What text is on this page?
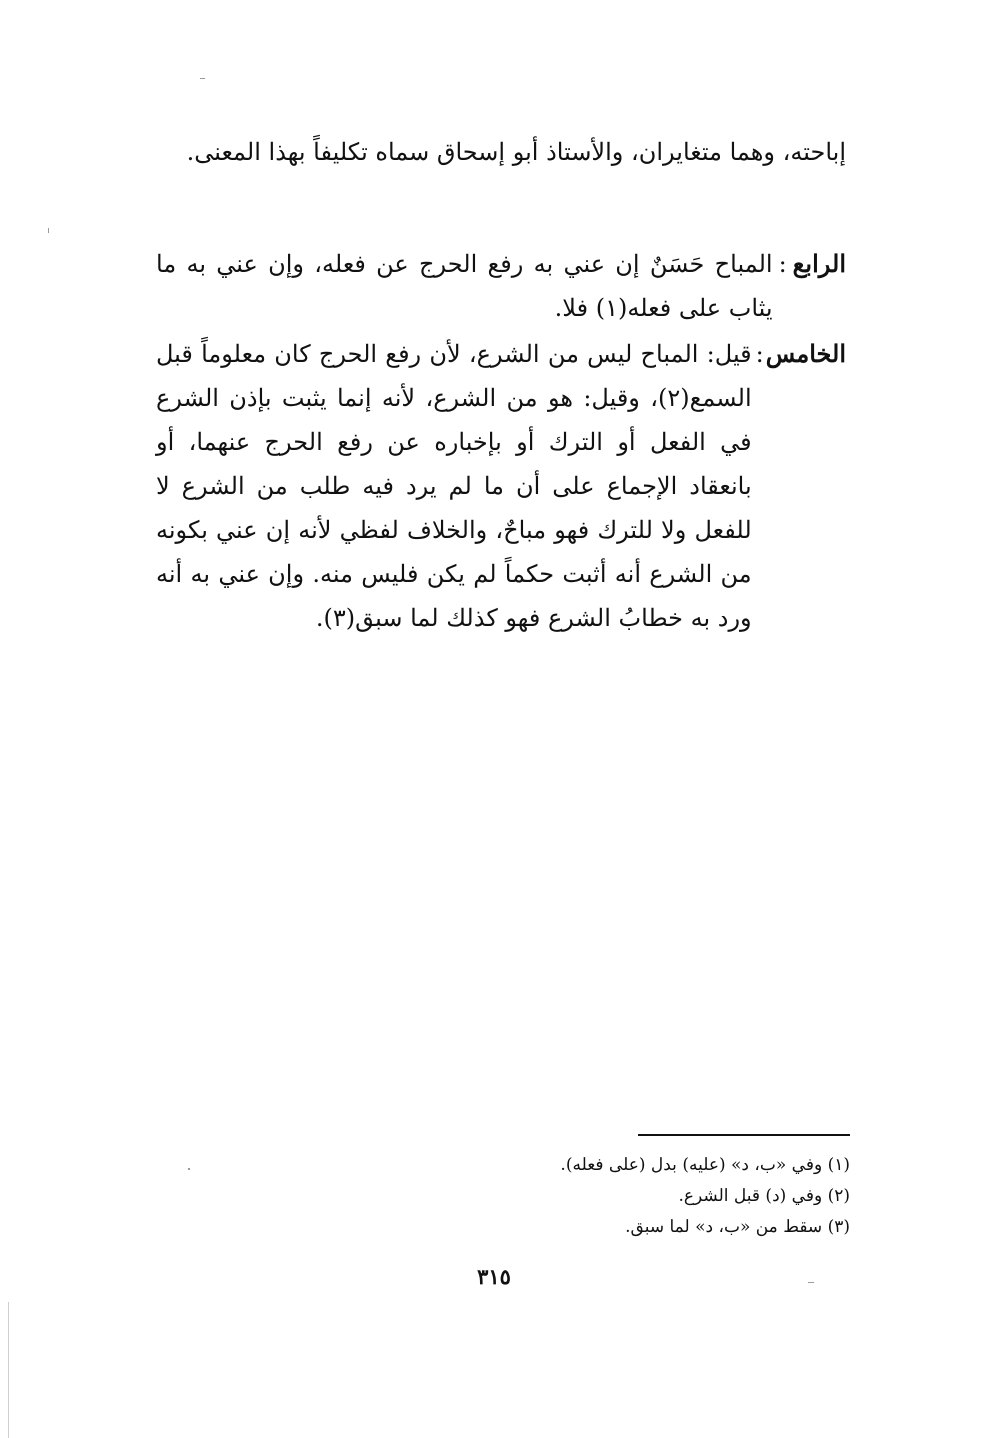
إباحته، وهما متغايران، والأستاذ أبو إسحاق سماه تكليفاً بهذا المعنى.

الرابع
:
المباح حَسَنٌ إن عني به رفع الحرج عن فعله، وإن عني به ما يثاب على فعله(١) فلا.
الخامس
:
قيل: المباح ليس من الشرع، لأن رفع الحرج كان معلوماً قبل السمع(٢)، وقيل: هو من الشرع، لأنه إنما يثبت بإذن الشرع في الفعل أو الترك أو بإخباره عن رفع الحرج عنهما، أو بانعقاد الإجماع على أن ما لم يرد فيه طلب من الشرع لا للفعل ولا للترك فهو مباحٌ، والخلاف لفظي لأنه إن عني بكونه من الشرع أنه أثبت حكماً لم يكن فليس منه. وإن عني به أنه ورد به خطابُ الشرع فهو كذلك لما سبق(٣).
(١) وفي «ب، د» (عليه) بدل (على فعله).
(٢) وفي (د) قبل الشرع.
(٣) سقط من «ب، د» لما سبق.
٣١٥
